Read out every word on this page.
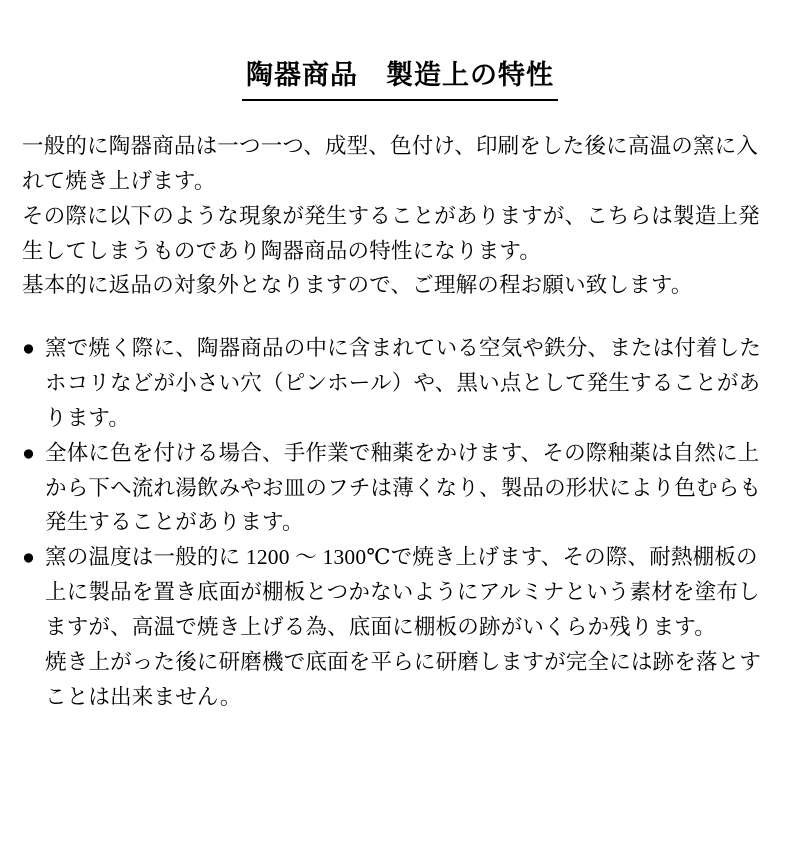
陶器商品　製造上の特性

一般的に陶器商品は一つ一つ、成型、色付け、印刷をした後に高温の窯に入れて焼き上げます。

その際に以下のような現象が発生することがありますが、こちらは製造上発生してしまうものであり陶器商品の特性になります。

基本的に返品の対象外となりますので、ご理解の程お願い致します。

● 窯で焼く際に、陶器商品の中に含まれている空気や鉄分、または付着したホコリなどが小さい穴（ピンホール）や、黒い点として発生することがあります。
● 全体に色を付ける場合、手作業で釉薬をかけます、その際釉薬は自然に上から下へ流れ湯飲みやお皿のフチは薄くなり、製品の形状により色むらも発生することがあります。
● 窯の温度は一般的に 1200 ～ 1300℃で焼き上げます、その際、耐熱棚板の上に製品を置き底面が棚板とつかないようにアルミナという素材を塗布しますが、高温で焼き上げる為、底面に棚板の跡がいくらか残ります。
焼き上がった後に研磨機で底面を平らに研磨しますが完全には跡を落とすことは出来ません。
